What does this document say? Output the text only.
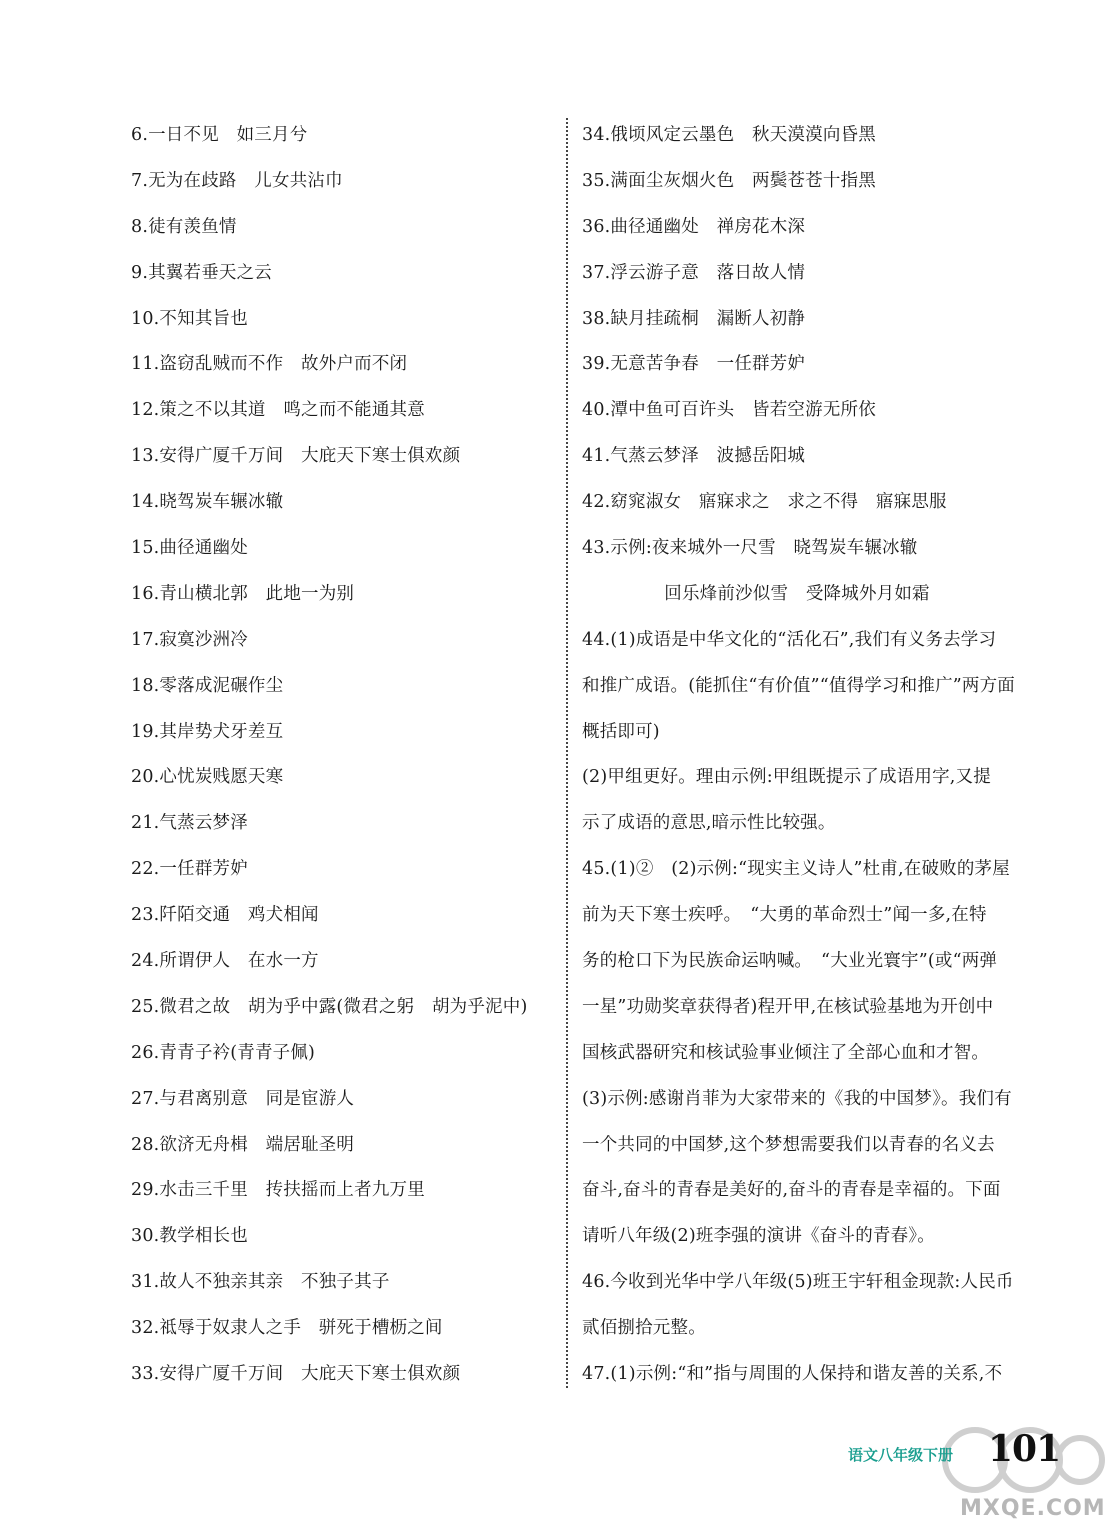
6.一日不见　如三月兮
7.无为在歧路　儿女共沾巾
8.徒有羡鱼情
9.其翼若垂天之云
10.不知其旨也
11.盗窃乱贼而不作　故外户而不闭
12.策之不以其道　鸣之而不能通其意
13.安得广厦千万间　大庇天下寒士俱欢颜
14.晓驾炭车辗冰辙
15.曲径通幽处
16.青山横北郭　此地一为别
17.寂寞沙洲冷
18.零落成泥碾作尘
19.其岸势犬牙差互
20.心忧炭贱愿天寒
21.气蒸云梦泽
22.一任群芳妒
23.阡陌交通　鸡犬相闻
24.所谓伊人　在水一方
25.微君之故　胡为乎中露(微君之躬　胡为乎泥中)
26.青青子衿(青青子佩)
27.与君离别意　同是宦游人
28.欲济无舟楫　端居耻圣明
29.水击三千里　抟扶摇而上者九万里
30.教学相长也
31.故人不独亲其亲　不独子其子
32.祗辱于奴隶人之手　骈死于槽枥之间
33.安得广厦千万间　大庇天下寒士俱欢颜
34.俄顷风定云墨色　秋天漠漠向昏黑
35.满面尘灰烟火色　两鬓苍苍十指黑
36.曲径通幽处　禅房花木深
37.浮云游子意　落日故人情
38.缺月挂疏桐　漏断人初静
39.无意苦争春　一任群芳妒
40.潭中鱼可百许头　皆若空游无所依
41.气蒸云梦泽　波撼岳阳城
42.窈窕淑女　寤寐求之　求之不得　寤寐思服
43.示例:夜来城外一尺雪　晓驾炭车辗冰辙
回乐烽前沙似雪　受降城外月如霜
44.(1)成语是中华文化的“活化石”,我们有义务去学习
和推广成语。(能抓住“有价值”“值得学习和推广”两方面
概括即可)
(2)甲组更好。理由示例:甲组既提示了成语用字,又提
示了成语的意思,暗示性比较强。
45.(1)②　(2)示例:“现实主义诗人”杜甫,在破败的茅屋
前为天下寒士疾呼。　“大勇的革命烈士”闻一多,在特
务的枪口下为民族命运呐喊。　“大业光寰宇”(或“两弹
一星”功勋奖章获得者)程开甲,在核试验基地为开创中
国核武器研究和核试验事业倾注了全部心血和才智。
(3)示例:感谢肖菲为大家带来的《我的中国梦》。我们有
一个共同的中国梦,这个梦想需要我们以青春的名义去
奋斗,奋斗的青春是美好的,奋斗的青春是幸福的。下面
请听八年级(2)班李强的演讲《奋斗的青春》。
46.今收到光华中学八年级(5)班王宇轩租金现款:人民币
贰佰捌拾元整。
47.(1)示例:“和”指与周围的人保持和谐友善的关系,不
语文八年级下册 101
MXQE.COM
